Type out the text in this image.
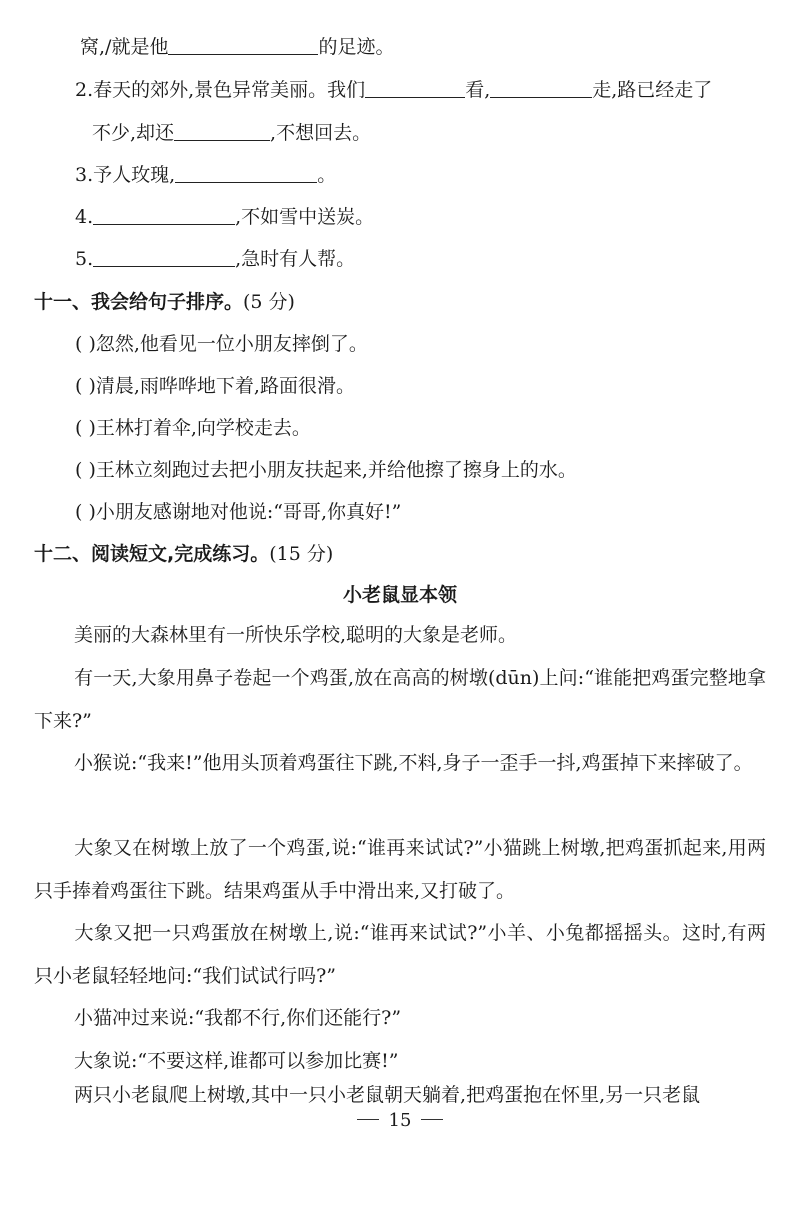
窝,/就是他	的足迹。
2.春天的郊外,景色异常美丽。我们	看,	走,路已经走了
不少,却还	,不想回去。
3.予人玫瑰,	。
4.	,不如雪中送炭。
5.	,急时有人帮。
十一、我会给句子排序。(5 分)
( )忽然,他看见一位小朋友摔倒了。
( )清晨,雨哗哗地下着,路面很滑。
( )王林打着伞,向学校走去。
( )王林立刻跑过去把小朋友扶起来,并给他擦了擦身上的水。
( )小朋友感谢地对他说:“哥哥,你真好!”
十二、阅读短文,完成练习。(15 分)
小老鼠显本领
美丽的大森林里有一所快乐学校,聪明的大象是老师。
有一天,大象用鼻子卷起一个鸡蛋,放在高高的树墩(dūn)上问:“谁能把鸡蛋完整地拿下来?”
小猴说:“我来!”他用头顶着鸡蛋往下跳,不料,身子一歪手一抖,鸡蛋掉下来摔破了。
大象又在树墩上放了一个鸡蛋,说:“谁再来试试?”小猫跳上树墩,把鸡蛋抓起来,用两只手捧着鸡蛋往下跳。结果鸡蛋从手中滑出来,又打破了。
大象又把一只鸡蛋放在树墩上,说:“谁再来试试?”小羊、小兔都摇摇头。这时,有两只小老鼠轻轻地问:“我们试试行吗?”
小猫冲过来说:“我都不行,你们还能行?”
大象说:“不要这样,谁都可以参加比赛!”
两只小老鼠爬上树墩,其中一只小老鼠朝天躺着,把鸡蛋抱在怀里,另一只老鼠
15
